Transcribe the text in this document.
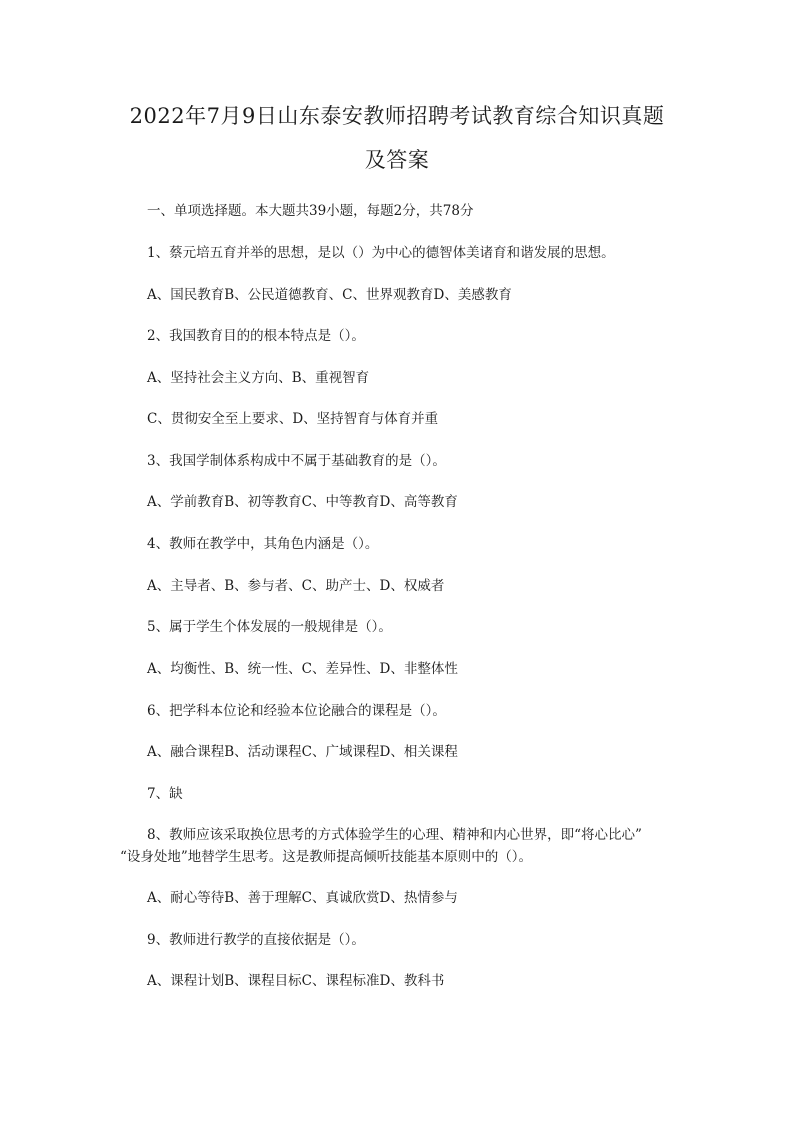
2022年7月9日山东泰安教师招聘考试教育综合知识真题
及答案
一、单项选择题。本大题共39小题，每题2分，共78分
1、蔡元培五育并举的思想，是以（）为中心的德智体美诸育和谐发展的思想。
A、国民教育B、公民道德教育、C、世界观教育D、美感教育
2、我国教育目的的根本特点是（）。
A、坚持社会主义方向、B、重视智育
C、贯彻安全至上要求、D、坚持智育与体育并重
3、我国学制体系构成中不属于基础教育的是（）。
A、学前教育B、初等教育C、中等教育D、高等教育
4、教师在教学中，其角色内涵是（）。
A、主导者、B、参与者、C、助产士、D、权威者
5、属于学生个体发展的一般规律是（）。
A、均衡性、B、统一性、C、差异性、D、非整体性
6、把学科本位论和经验本位论融合的课程是（）。
A、融合课程B、活动课程C、广域课程D、相关课程
7、缺
8、教师应该采取换位思考的方式体验学生的心理、精神和内心世界，即“将心比心”
“设身处地”地替学生思考。这是教师提高倾听技能基本原则中的（）。
A、耐心等待B、善于理解C、真诚欣赏D、热情参与
9、教师进行教学的直接依据是（）。
A、课程计划B、课程目标C、课程标准D、教科书
